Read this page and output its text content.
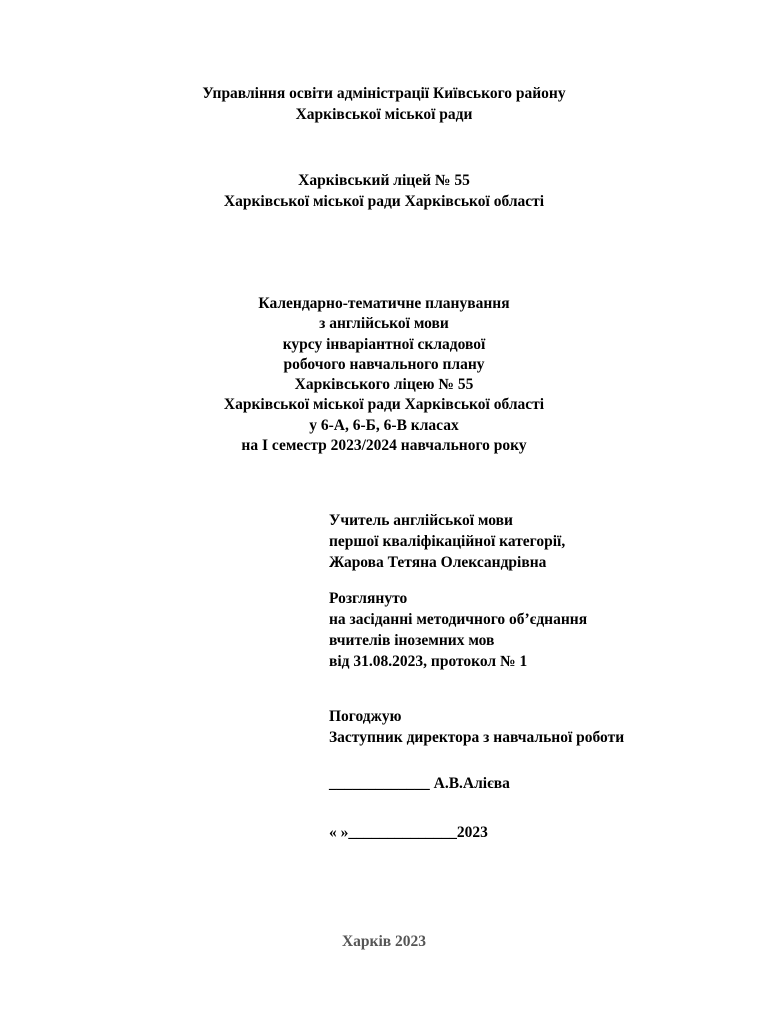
Управління освіти адміністрації Київського району
Харківської міської ради
Харківський ліцей № 55
Харківської міської ради Харківської області
Календарно-тематичне планування
з англійської мови
курсу інваріантної складової
робочого навчального плану
Харківського ліцею № 55
Харківської міської ради Харківської області
у 6-А, 6-Б, 6-В класах
на І семестр 2023/2024 навчального року
Учитель англійської мови
першої кваліфікаційної категорії,
Жарова Тетяна Олександрівна
Розглянуто
на засіданні методичного об’єднання
вчителів іноземних мов
від 31.08.2023, протокол № 1
Погоджую
Заступник директора з навчальної роботи
_____________ А.В.Алієва
« »______________2023
Харків 2023
